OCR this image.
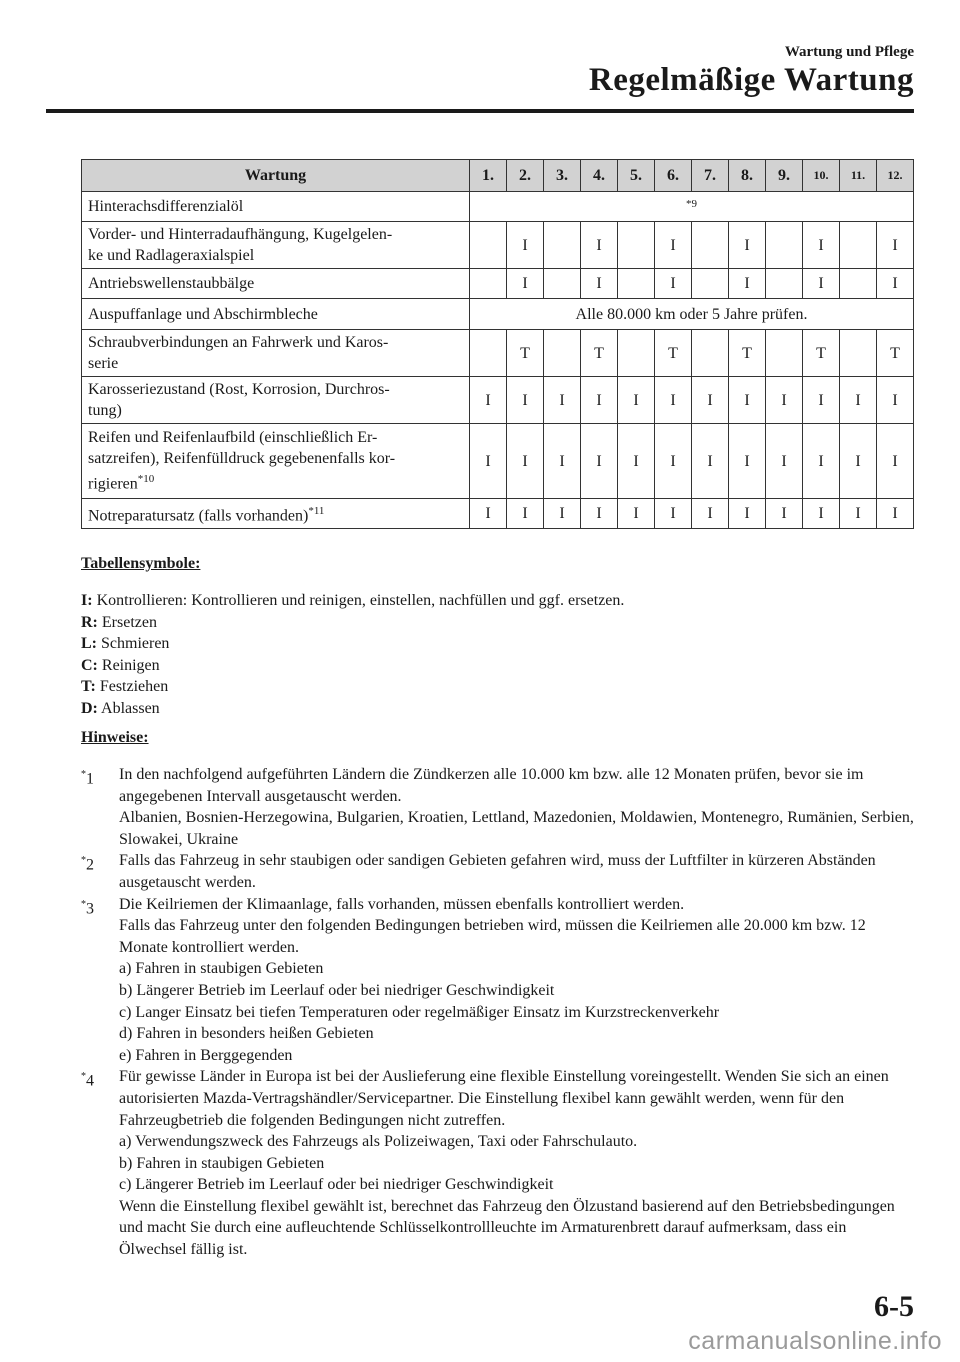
Wartung und Pflege
Regelmäßige Wartung
Wartung	1.	2.	3.	4.	5.	6.	7.	8.	9.	10.	11.	12.
Hinterachsdifferenzialöl	*9											
Vorder- und Hinterradaufhängung, Kugelgelen-
ke und Radlageraxialspiel		I		I		I		I		I		I
Antriebswellenstaubbälge		I		I		I		I		I		I
Auspuffanlage und Abschirmbleche	Alle 80.000 km oder 5 Jahre prüfen.											
Schraubverbindungen an Fahrwerk und Karos-
serie		T		T		T		T		T		T
Karosseriezustand (Rost, Korrosion, Durchros-
tung)	I	I	I	I	I	I	I	I	I	I	I	I
Reifen und Reifenlaufbild (einschließlich Er-
satzreifen), Reifenfülldruck gegebenenfalls kor-
rigieren$^{*10}$	I	I	I	I	I	I	I	I	I	I	I	I
Notreparatursatz (falls vorhanden)$^{*11}$	I	I	I	I	I	I	I	I	I	I	I	I
Tabellensymbole:
I: Kontrollieren: Kontrollieren und reinigen, einstellen, nachfüllen und ggf. ersetzen.
R: Ersetzen
L: Schmieren
C: Reinigen
T: Festziehen
D: Ablassen
Hinweise:
*1 In den nachfolgend aufgeführten Ländern die Zündkerzen alle 10.000 km bzw. alle 12 Monaten prüfen, bevor sie im angegebenen Intervall ausgetauscht werden.

Albanien, Bosnien-Herzegowina, Bulgarien, Kroatien, Lettland, Mazedonien, Moldawien, Montenegro, Rumänien, Serbien, Slowakei, Ukraine

*2 Falls das Fahrzeug in sehr staubigen oder sandigen Gebieten gefahren wird, muss der Luftfilter in kürzeren Abständen ausgetauscht werden.

*3 Die Keilriemen der Klimaanlage, falls vorhanden, müssen ebenfalls kontrolliert werden.

Falls das Fahrzeug unter den folgenden Bedingungen betrieben wird, müssen die Keilriemen alle 20.000 km bzw. 12 Monate kontrolliert werden.

a) Fahren in staubigen Gebieten

b) Längerer Betrieb im Leerlauf oder bei niedriger Geschwindigkeit

c) Langer Einsatz bei tiefen Temperaturen oder regelmäßiger Einsatz im Kurzstreckenverkehr

d) Fahren in besonders heißen Gebieten

e) Fahren in Berggegenden

*4 Für gewisse Länder in Europa ist bei der Auslieferung eine flexible Einstellung voreingestellt. Wenden Sie sich an einen autorisierten Mazda-Vertragshändler/Servicepartner. Die Einstellung flexibel kann gewählt werden, wenn für den Fahrzeugbetrieb die folgenden Bedingungen nicht zutreffen.

a) Verwendungszweck des Fahrzeugs als Polizeiwagen, Taxi oder Fahrschulauto.

b) Fahren in staubigen Gebieten

c) Längerer Betrieb im Leerlauf oder bei niedriger Geschwindigkeit

Wenn die Einstellung flexibel gewählt ist, berechnet das Fahrzeug den Ölzustand basierend auf den Betriebsbedingungen und macht Sie durch eine aufleuchtende Schlüsselkontrollleuchte im Armaturenbrett darauf aufmerksam, dass ein Ölwechsel fällig ist.

6-5
carmanualsonline.info
